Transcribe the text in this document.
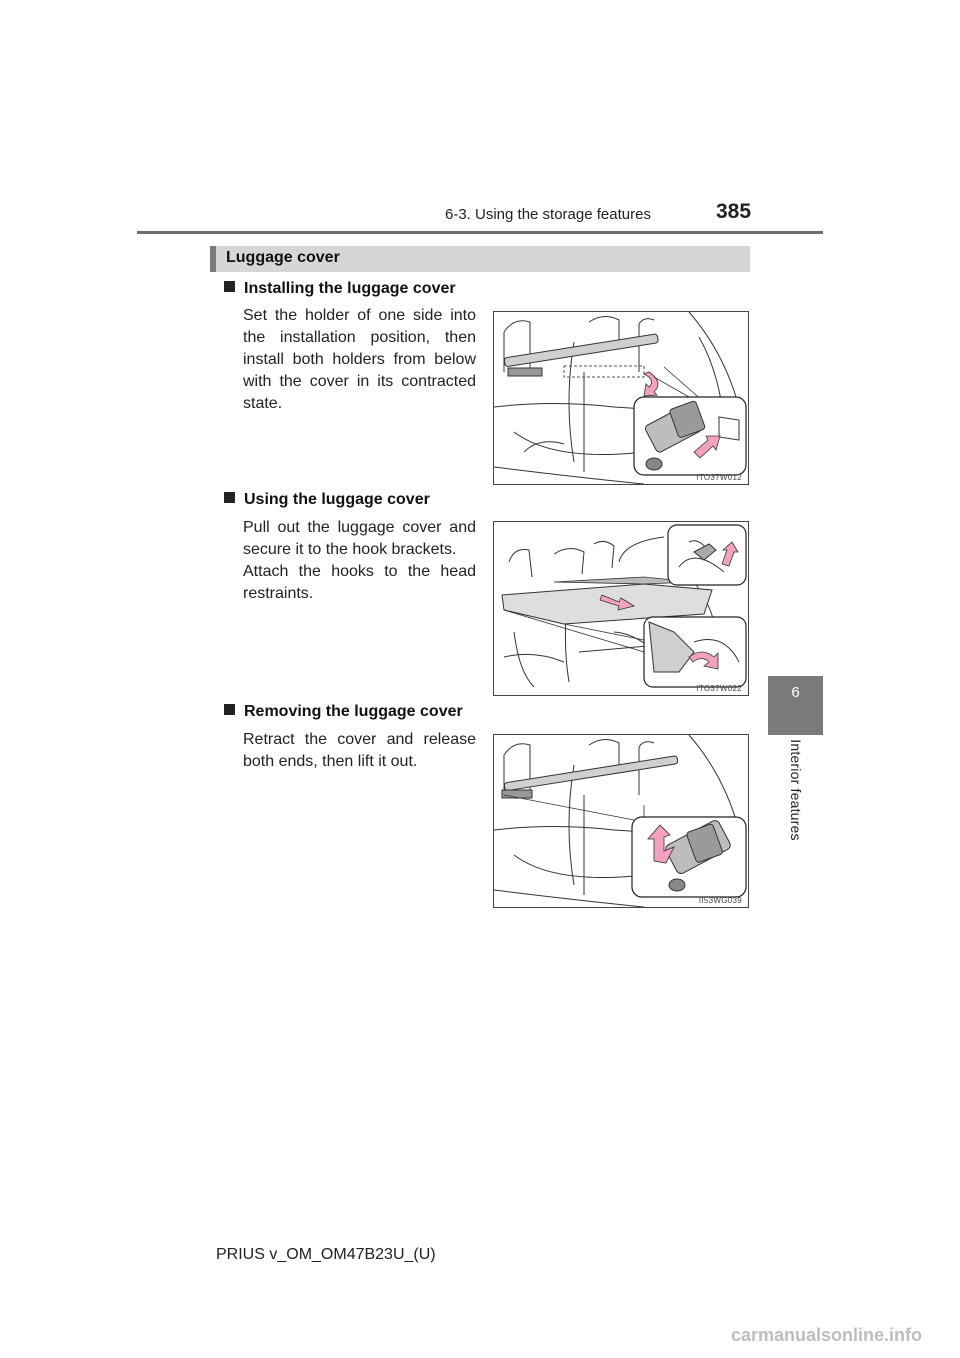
6-3. Using the storage features	385
6
Interior features
Luggage cover
Installing the luggage cover

Set the holder of one side into the installation position, then install both holders from below with the cover in its contracted state.

ITO37W012
Using the luggage cover

Pull out the luggage cover and secure it to the hook brackets.

Attach the hooks to the head restraints.

ITO37W022
Removing the luggage cover

Retract the cover and release both ends, then lift it out.

II53WG039
PRIUS v_OM_OM47B23U_(U)
carmanualsonline.info
